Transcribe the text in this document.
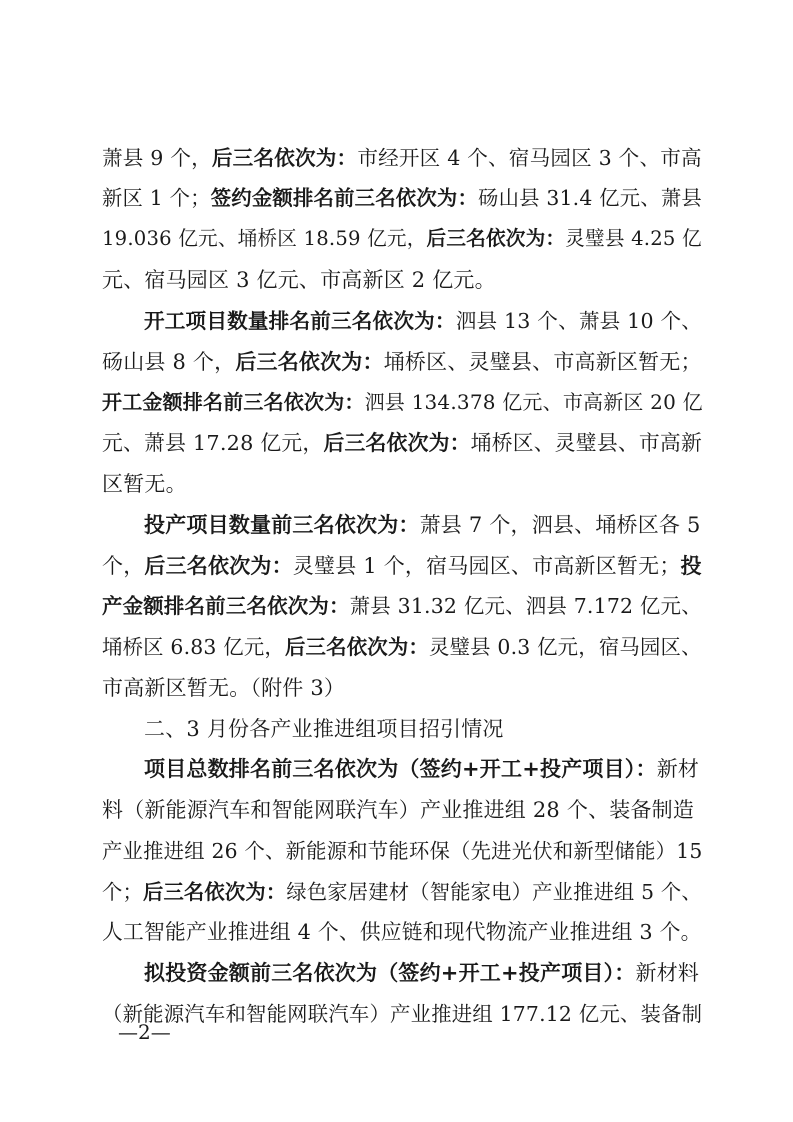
萧县 9 个，后三名依次为：市经开区 4 个、宿马园区 3 个、市高
新区 1 个；签约金额排名前三名依次为：砀山县 31.4 亿元、萧县
19.036 亿元、埇桥区 18.59 亿元，后三名依次为：灵璧县 4.25 亿
元、宿马园区 3 亿元、市高新区 2 亿元。
开工项目数量排名前三名依次为：泗县 13 个、萧县 10 个、
砀山县 8 个，后三名依次为：埇桥区、灵璧县、市高新区暂无；
开工金额排名前三名依次为：泗县 134.378 亿元、市高新区 20 亿
元、萧县 17.28 亿元，后三名依次为：埇桥区、灵璧县、市高新
区暂无。
投产项目数量前三名依次为：萧县 7 个，泗县、埇桥区各 5
个，后三名依次为：灵璧县 1 个，宿马园区、市高新区暂无；投
产金额排名前三名依次为：萧县 31.32 亿元、泗县 7.172 亿元、
埇桥区 6.83 亿元，后三名依次为：灵璧县 0.3 亿元，宿马园区、
市高新区暂无。（附件 3）
二、3 月份各产业推进组项目招引情况
项目总数排名前三名依次为（签约+开工+投产项目）：新材
料（新能源汽车和智能网联汽车）产业推进组 28 个、装备制造
产业推进组 26 个、新能源和节能环保（先进光伏和新型储能）15
个；后三名依次为：绿色家居建材（智能家电）产业推进组 5 个、
人工智能产业推进组 4 个、供应链和现代物流产业推进组 3 个。
拟投资金额前三名依次为（签约+开工+投产项目）：新材料
（新能源汽车和智能网联汽车）产业推进组 177.12 亿元、装备制
—2—
